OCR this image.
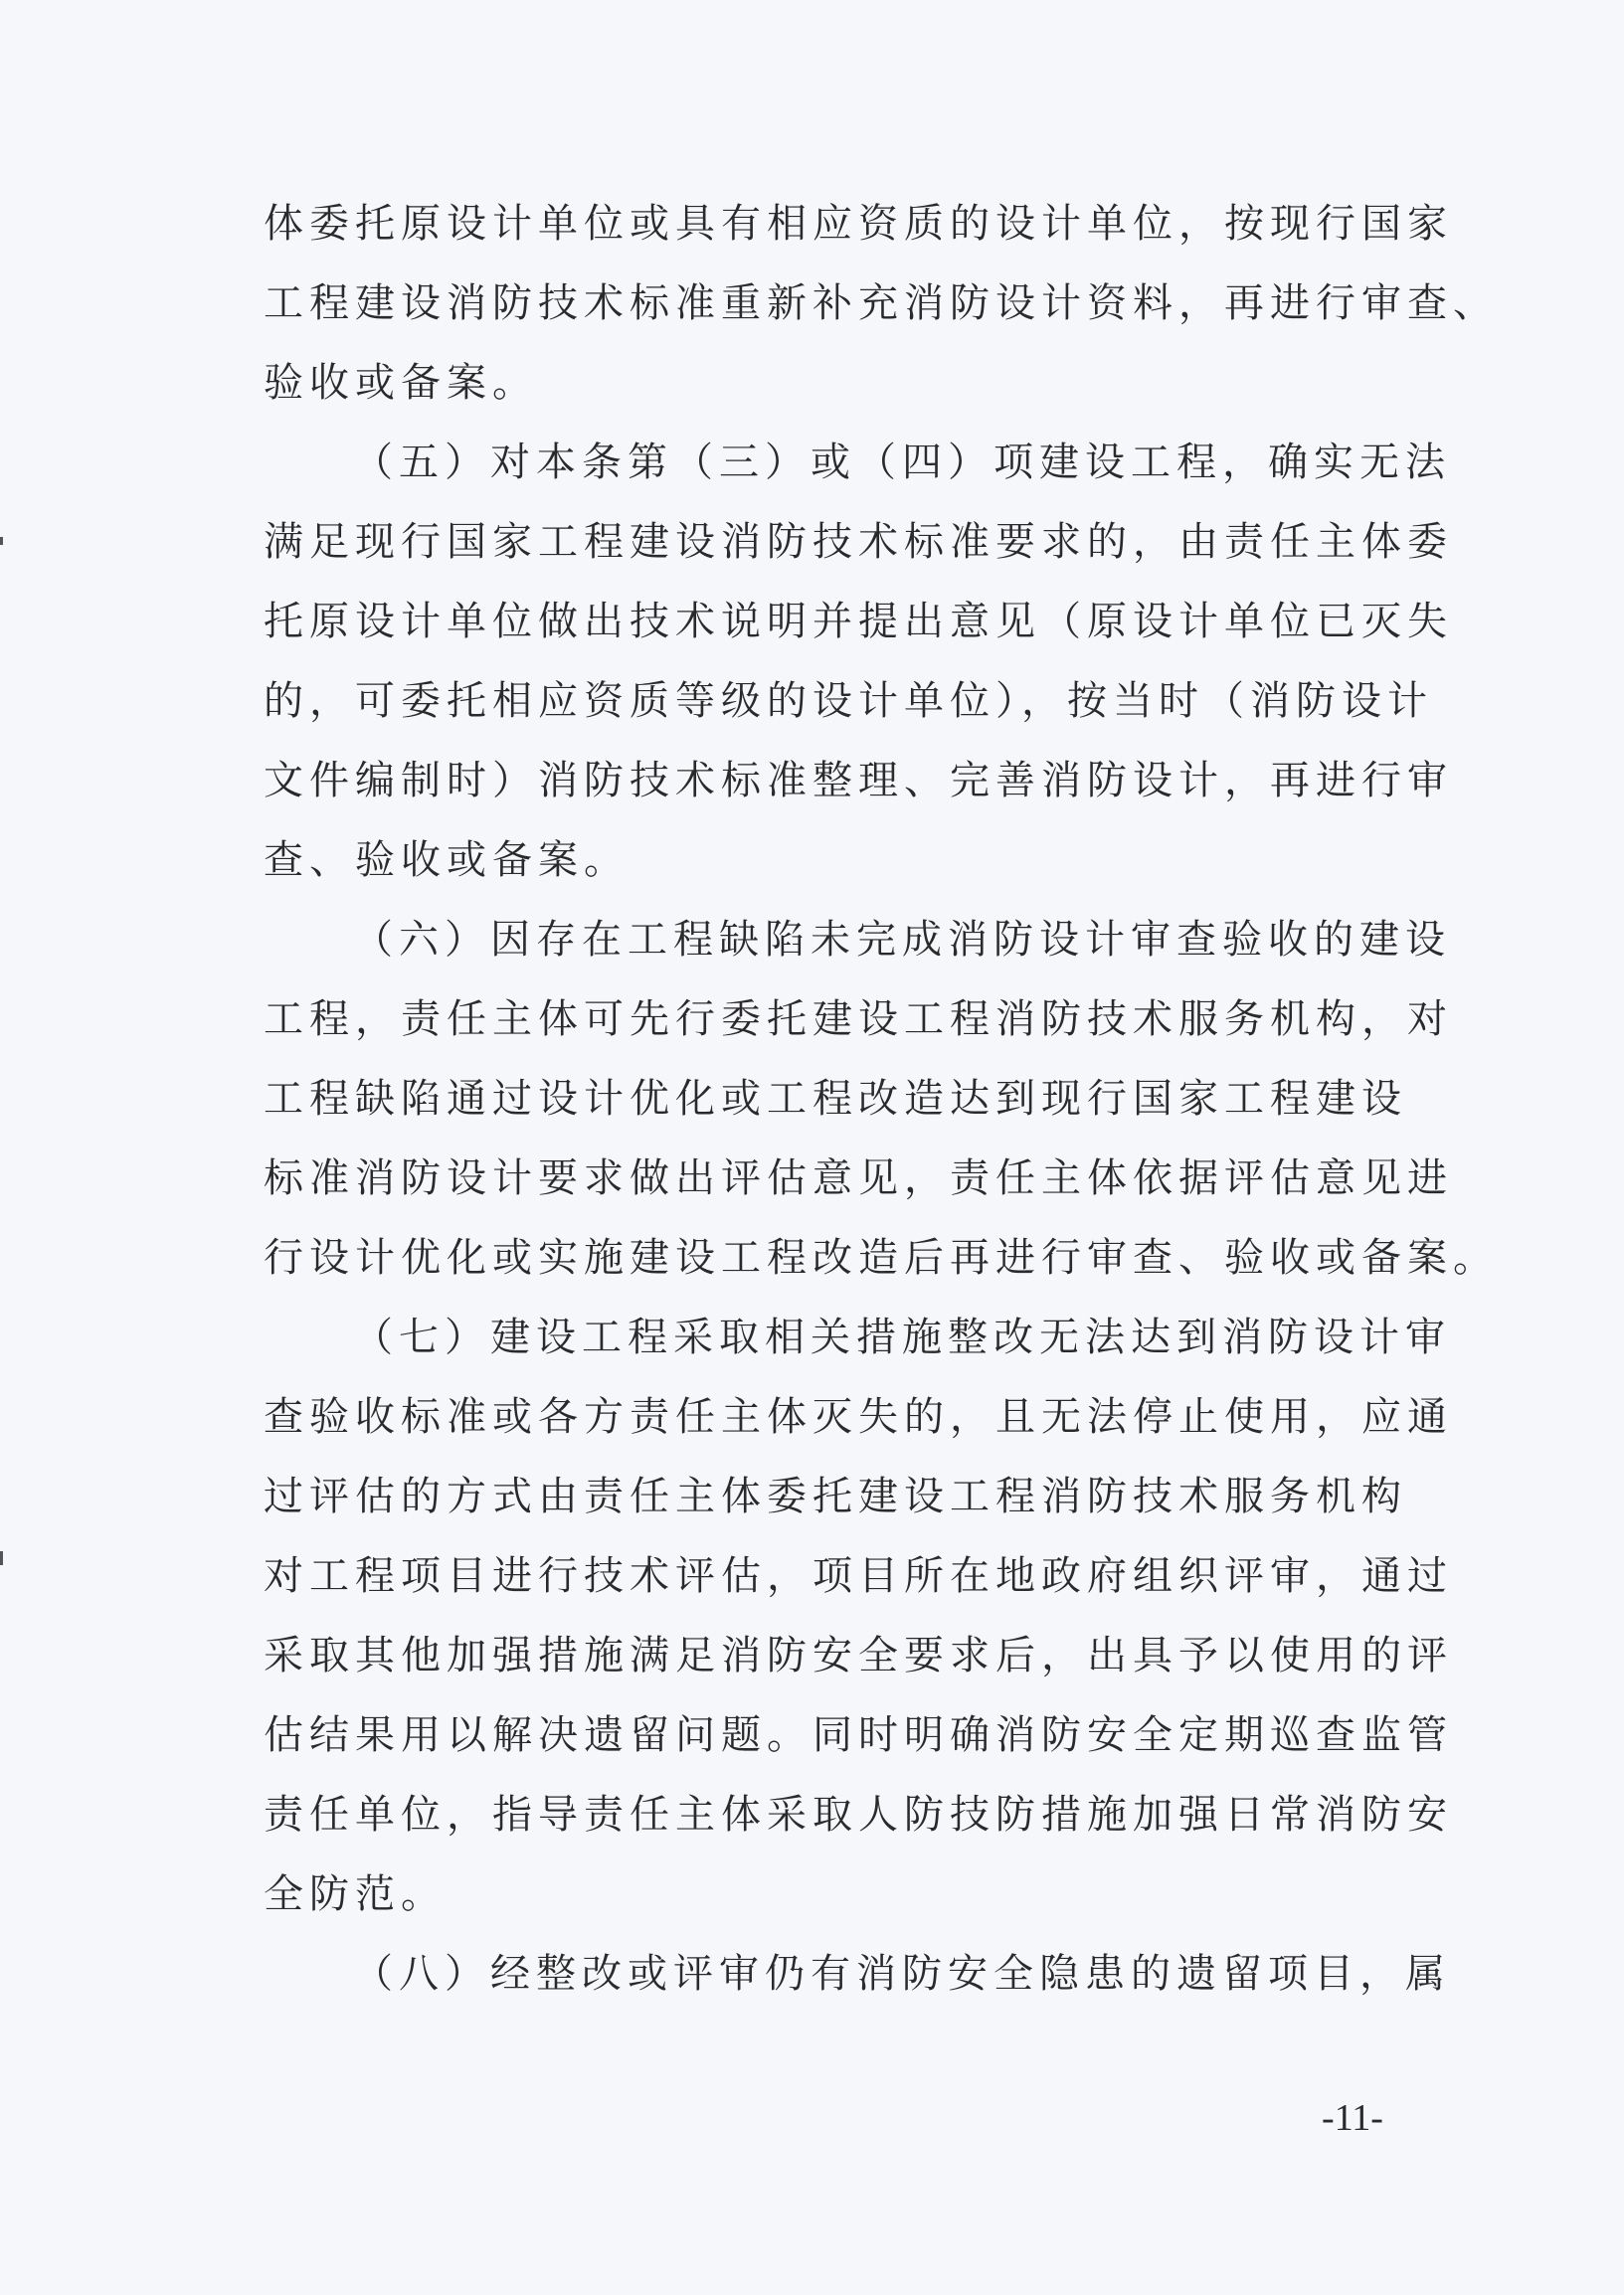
体委托原设计单位或具有相应资质的设计单位，按现行国家
工程建设消防技术标准重新补充消防设计资料，再进行审查、
验收或备案。
（五）对本条第（三）或（四）项建设工程，确实无法
满足现行国家工程建设消防技术标准要求的，由责任主体委
托原设计单位做出技术说明并提出意见（原设计单位已灭失
的，可委托相应资质等级的设计单位），按当时（消防设计
文件编制时）消防技术标准整理、完善消防设计，再进行审
查、验收或备案。
（六）因存在工程缺陷未完成消防设计审查验收的建设
工程，责任主体可先行委托建设工程消防技术服务机构，对
工程缺陷通过设计优化或工程改造达到现行国家工程建设
标准消防设计要求做出评估意见，责任主体依据评估意见进
行设计优化或实施建设工程改造后再进行审查、验收或备案。
（七）建设工程采取相关措施整改无法达到消防设计审
查验收标准或各方责任主体灭失的，且无法停止使用，应通
过评估的方式由责任主体委托建设工程消防技术服务机构
对工程项目进行技术评估，项目所在地政府组织评审，通过
采取其他加强措施满足消防安全要求后，出具予以使用的评
估结果用以解决遗留问题。同时明确消防安全定期巡查监管
责任单位，指导责任主体采取人防技防措施加强日常消防安
全防范。
（八）经整改或评审仍有消防安全隐患的遗留项目，属
-11-
